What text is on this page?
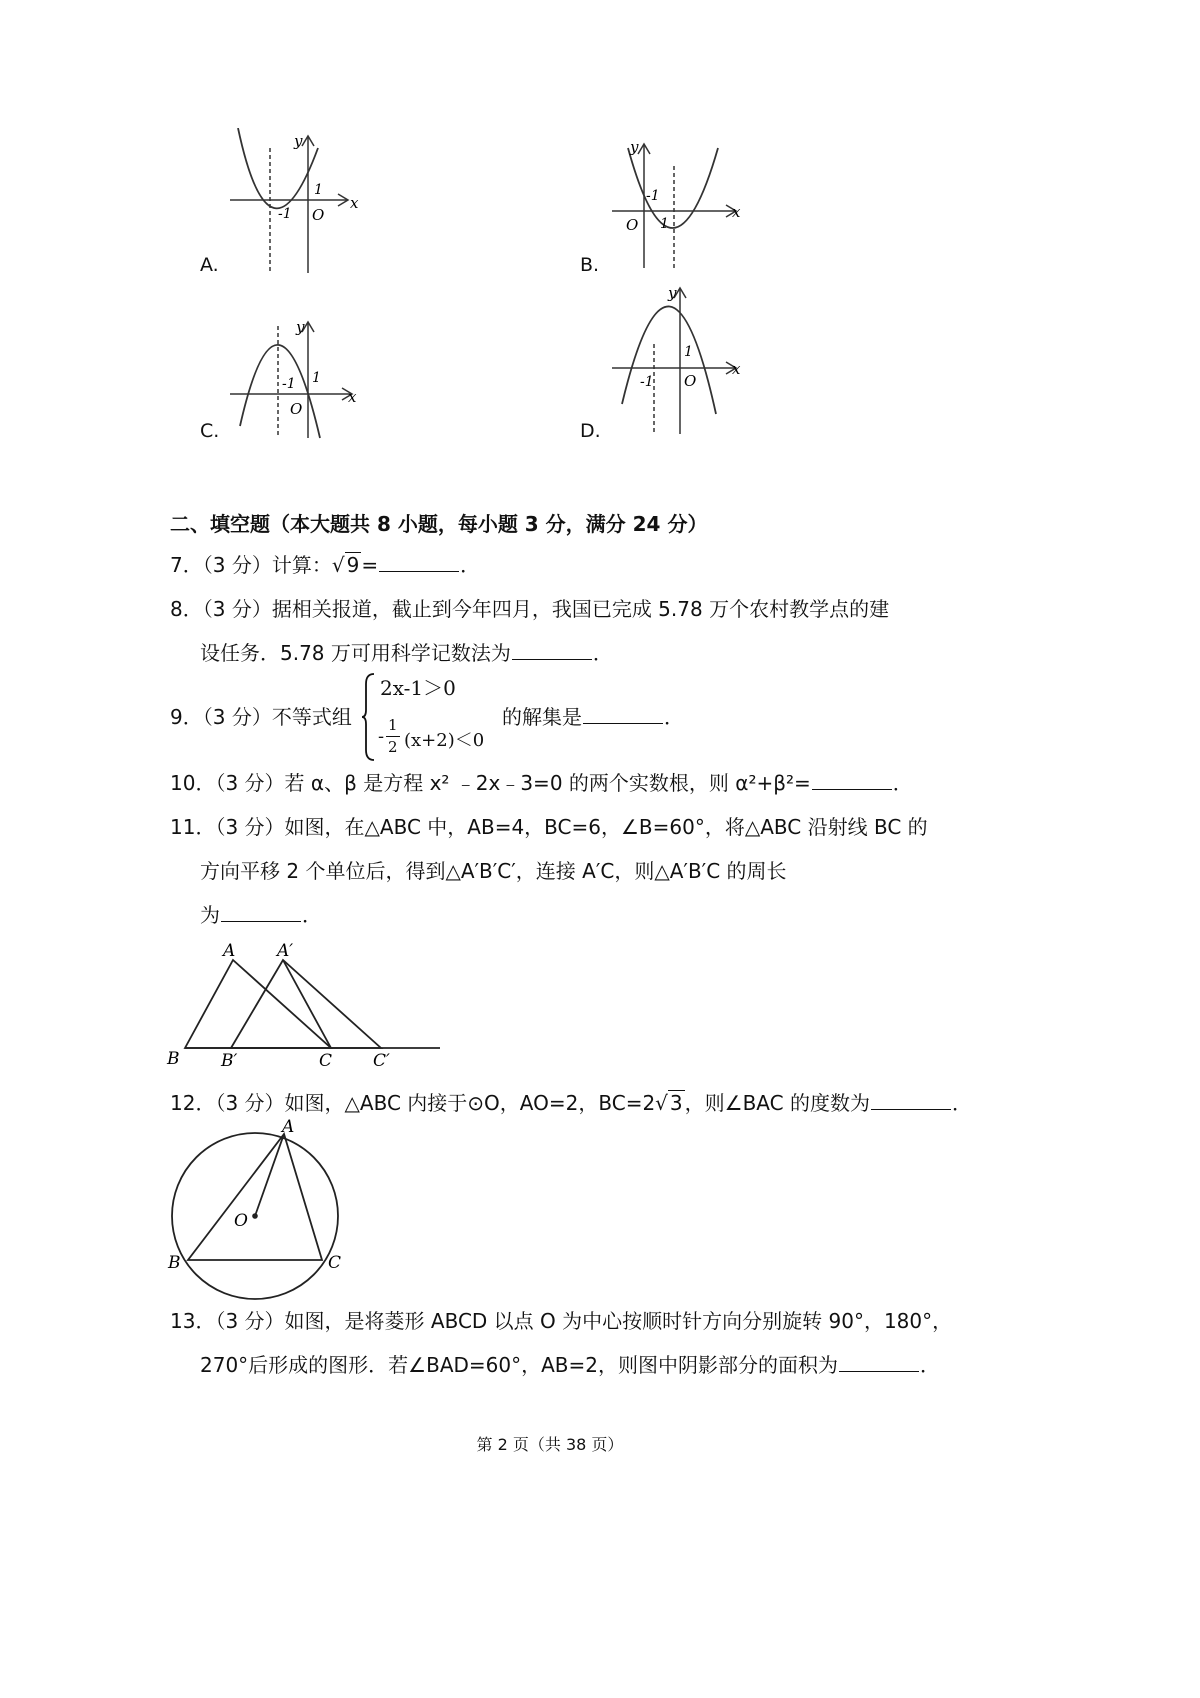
y
x
O
-1
1
A.
y
x
O
-1
1
B.
y
x
O
-1 1
C.
y
x
O
-1
1
D.
二、填空题（本大题共 8 小题，每小题 3 分，满分 24 分）
7．（3 分）计算：√ 9 =	．
8．（3 分）据相关报道，截止到今年四月，我国已完成 5.78 万个农村教学点的建
设任务．5.78 万可用科学记数法为	．
9．（3 分）不等式组
2x-1＞0
-
1
2 (x+2)＜0
的解集是	．
10．（3 分）若 α、β 是方程 x² ﹣2x﹣3=0 的两个实数根，则 α²+β²=	．
11．（3 分）如图，在△ABC 中，AB=4，BC=6，∠B=60°，将△ABC 沿射线 BC 的
方向平移 2 个单位后，得到△A′B′C′，连接 A′C，则△A′B′C 的周长
为	．
A A′
B B′	C C′
12．（3 分）如图，△ABC 内接于⊙O，AO=2，BC=2√ 3 ，则∠BAC 的度数为	．
A
B	C
O
13．（3 分）如图，是将菱形 ABCD 以点 O 为中心按顺时针方向分别旋转 90°，180°，
270°后形成的图形．若∠BAD=60°，AB=2，则图中阴影部分的面积为	．
第 2 页（共 38 页）
